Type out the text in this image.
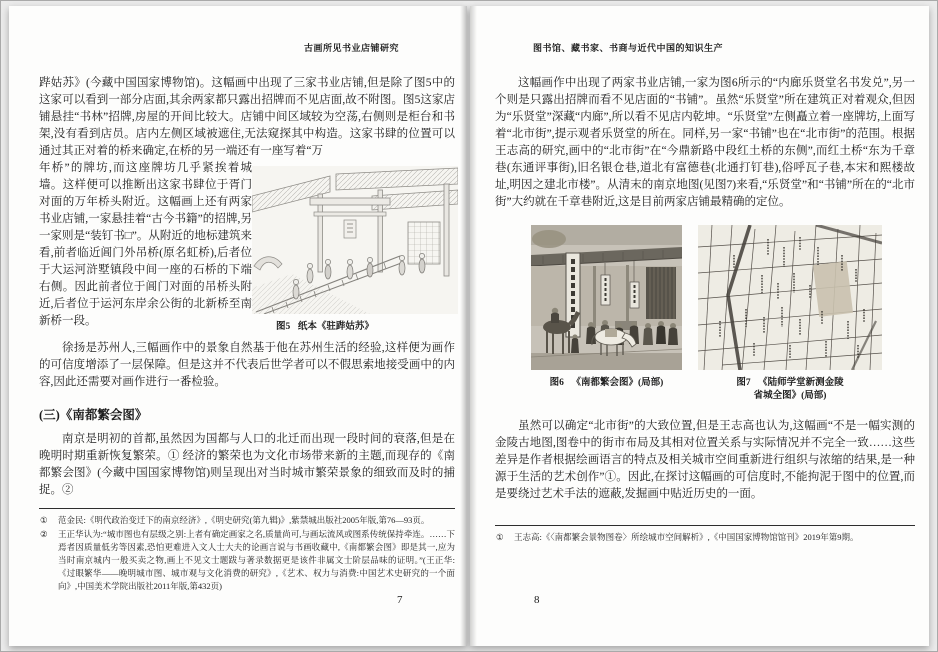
古画所见书业店铺研究

跸姑苏》(今藏中国国家博物馆)。这幅画中出现了三家书业店铺,但是除了图5中的这家可以看到一部分店面,其余两家都只露出招牌而不见店面,故不附图。图5这家店铺悬挂“书林”招牌,房屋的开间比较大。店铺中间区域较为空荡,右侧则是柜台和书架,没有看到店员。店内左侧区域被遮住,无法窥探其中构造。这家书肆的位置可以通过其正对着的桥来确定,在桥的另一端还有一座写着“万

年桥”的牌坊,而这座牌坊几乎紧挨着城墙。这样便可以推断出这家书肆位于胥门对面的万年桥头附近。这幅画上还有两家书业店铺,一家悬挂着“古今书籍”的招牌,另一家则是“装钉书□”。从附近的地标建筑来看,前者临近阊门外吊桥(原名虹桥),后者位于大运河浒墅镇段中间一座的石桥的下端右侧。因此前者位于阊门对面的吊桥头附近,后者位于运河东岸余公街的北新桥至南新桥一段。	图5 纸本《驻跸姑苏》

徐扬是苏州人,三幅画作中的景象自然基于他在苏州生活的经验,这样便为画作的可信度增添了一层保障。但是这并不代表后世学者可以不假思索地接受画中的内容,因此还需要对画作进行一番检验。

(三)《南都繁会图》

南京是明初的首都,虽然因为国都与人口的北迁而出现一段时间的衰落,但是在晚明时期重新恢复繁荣。① 经济的繁荣也为文化市场带来新的主题,而现存的《南都繁会图》(今藏中国国家博物馆)则呈现出对当时城市繁荣景象的细致而及时的捕捉。②

① 范金民:《明代政治变迁下的南京经济》,《明史研究(第九辑)》,紫禁城出版社2005年版,第76—93页。
② 王正华认为:“城市图也有层级之别:上者有确定画家之名,质量尚可,与画坛流风或图系传统保持牵连。……下焉者因质量低劣等因素,恐怕更难进入文人士大夫的论画言说与书画收藏中,《南都繁会图》即是其一,应为当时南京城内一般买卖之物,画上不见文士题跋与著录数据更是该件非属文士阶层品味的证明。”(王正华:《过眼繁华——晚明城市图、城市观与文化消费的研究》,《艺术、权力与消费:中国艺术史研究的一个面向》,中国美术学院出版社2011年版,第432页)
7
图书馆、藏书家、书商与近代中国的知识生产

这幅画作中出现了两家书业店铺,一家为图6所示的“内廊乐贤堂名书发兑”,另一个则是只露出招牌而看不见店面的“书铺”。虽然“乐贤堂”所在建筑正对着观众,但因为“乐贤堂”深藏“内廊”,所以看不见店内乾坤。“乐贤堂”左侧矗立着一座牌坊,上面写着“北市街”,提示观者乐贤堂的所在。同样,另一家“书铺”也在“北市街”的范围。根据王志高的研究,画中的“北市街”在“今鼎新路中段红土桥的东侧”,而红土桥“东为千章巷(东通评事街),旧名银仓巷,道北有富德巷(北通打钉巷),俗呼瓦子巷,本宋和熙楼故址,明因之建北市楼”。从清末的南京地图(见图7)来看,“乐贤堂”和“书铺”所在的“北市街”大约就在千章巷附近,这是目前两家店铺最精确的定位。

图6 《南都繁会图》(局部)	图7 《陆师学堂新测金陵
省城全图》(局部)

虽然可以确定“北市街”的大致位置,但是王志高也认为,这幅画“不是一幅实测的金陵古地图,图卷中的街市布局及其相对位置关系与实际情况并不完全一致……这些差异是作者根据绘画语言的特点及相关城市空间重新进行组织与浓缩的结果,是一种源于生活的艺术创作”①。因此,在探讨这幅画的可信度时,不能拘泥于图中的位置,而是要绕过艺术手法的遮蔽,发掘画中贴近历史的一面。

① 王志高:《〈南都繁会景物图卷〉所绘城市空间解析》,《中国国家博物馆馆刊》2019年第9期。
8
